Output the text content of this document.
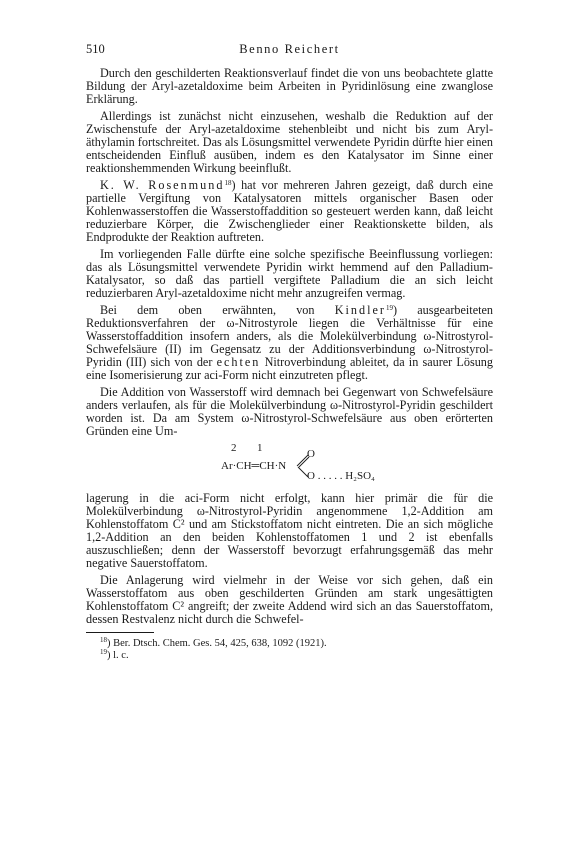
510	Benno Reichert

Durch den geschilderten Reaktionsverlauf findet die von uns beobachtete glatte Bildung der Aryl-azetaldoxime beim Arbeiten in Pyridinlösung eine zwanglose Erklärung.

Allerdings ist zunächst nicht einzusehen, weshalb die Reduktion auf der Zwischenstufe der Aryl-azetaldoxime stehenbleibt und nicht bis zum Aryl-äthylamin fortschreitet. Das als Lösungsmittel verwendete Pyridin dürfte hier einen entscheidenden Einfluß ausüben, indem es den Katalysator im Sinne einer reaktionshemmenden Wirkung beeinflußt.

K. W. Rosenmund$^{18}$) hat vor mehreren Jahren gezeigt, daß durch eine partielle Vergiftung von Katalysatoren mittels organischer Basen oder Kohlenwasserstoffen die Wasserstoffaddition so gesteuert werden kann, daß leicht reduzierbare Körper, die Zwischenglieder einer Reaktionskette bilden, als Endprodukte der Reaktion auftreten.

Im vorliegenden Falle dürfte eine solche spezifische Beeinflussung vorliegen: das als Lösungsmittel verwendete Pyridin wirkt hemmend auf den Palladium-Katalysator, so daß das partiell vergiftete Palladium die an sich leicht reduzierbaren Aryl-azetaldoxime nicht mehr anzugreifen vermag.

Bei dem oben erwähnten, von Kindler$^{19}$) ausgearbeiteten Reduktionsverfahren der ω-Nitrostyrole liegen die Verhältnisse für eine Wasserstoffaddition insofern anders, als die Molekülverbindung ω-Nitrostyrol-Schwefelsäure (II) im Gegensatz zu der Additionsverbindung ω-Nitrostyrol-Pyridin (III) sich von der echten Nitroverbindung ableitet, da in saurer Lösung eine Isomerisierung zur aci-Form nicht einzutreten pflegt.

Die Addition von Wasserstoff wird demnach bei Gegenwart von Schwefelsäure anders verlaufen, als für die Molekülverbindung ω-Nitrostyrol-Pyridin geschildert worden ist. Da am System ω-Nitrostyrol-Schwefelsäure aus oben erörterten Gründen eine Um-

2 1
Ar·CH═CH·N
O
O . . . . . H₂SO₄

lagerung in die aci-Form nicht erfolgt, kann hier primär die für die Molekülverbindung ω-Nitrostyrol-Pyridin angenommene 1,2-Addition am Kohlenstoffatom C² und am Stickstoffatom nicht eintreten. Die an sich mögliche 1,2-Addition an den beiden Kohlenstoffatomen 1 und 2 ist ebenfalls auszuschließen; denn der Wasserstoff bevorzugt erfahrungsgemäß das mehr negative Sauerstoffatom.

Die Anlagerung wird vielmehr in der Weise vor sich gehen, daß ein Wasserstoffatom aus oben geschilderten Gründen am stark ungesättigten Kohlenstoffatom C² angreift; der zweite Addend wird sich an das Sauerstoffatom, dessen Restvalenz nicht durch die Schwefel-

$^{18}$) Ber. Dtsch. Chem. Ges. 54, 425, 638, 1092 (1921).
$^{19}$) l. c.
